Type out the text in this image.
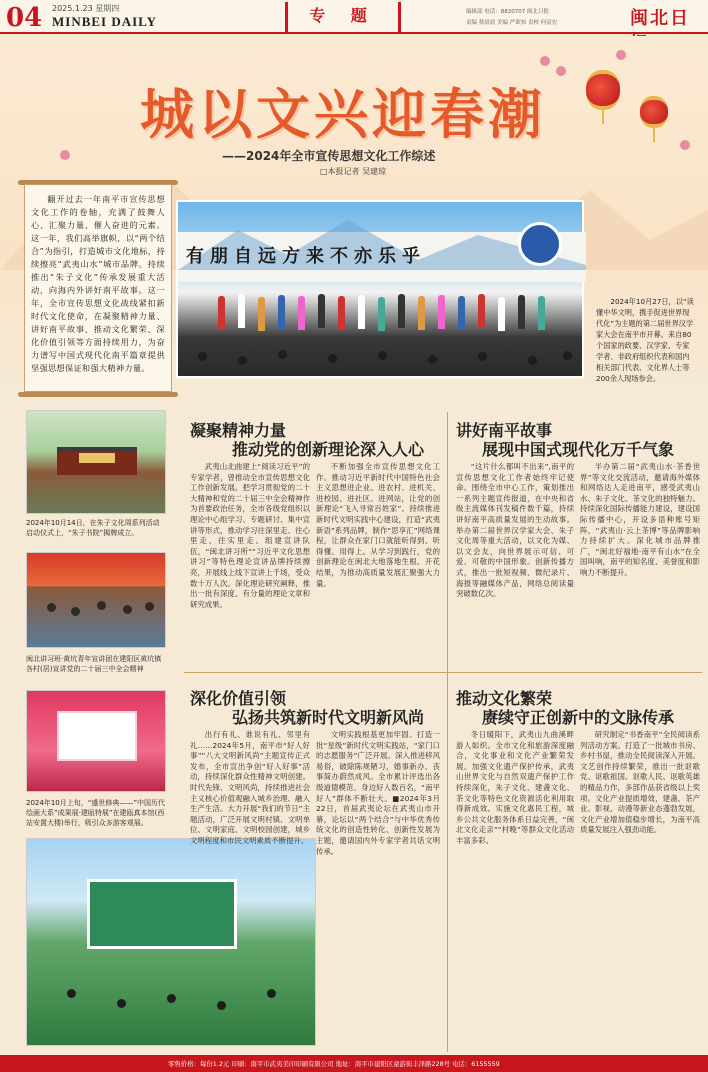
04 2025.1.23 星期四
MINBEI DAILY	专 题	编辑部 电话：8820707 闽北日报
责编 蔡晨晨 美编 严欲知 责校 何富宏	闽北日
城以文兴迎春潮
——2024年全市宣传思想文化工作综述
□本报记者 吴建琼
翻开过去一年南平市宣传思想文化工作的卷轴，充满了鼓舞人心、汇聚力量、催人奋进的元素。这一年，我们高举旗帜，以“两个结合”为指引，打造城市文化地标，持续擦亮“武夷山水”城市品牌。持续推出“朱子文化”传承发展重大活动，向海内外讲好南平故事。这一年，全市宣传思想文化战线紧扣新时代文化使命，在凝聚精神力量、讲好南平故事、推动文化繁荣、深化价值引领等方面持续用力，为奋力谱写中国式现代化南平篇章提供坚强思想保证和强大精神力量。
有朋自远方来不亦乐乎
2024年10月27日，以“读懂中华文明，携手促进世界现代化”为主题的第二届世界汉学家大会在南平市开幕。来自80个国家的政要、汉学家、专家学者、非政府组织代表和国内相关部门代表、文化界人士等200余人现场参会。
2024年10月14日，在朱子文化周系列活动启动仪式上，“朱子书院”揭牌成立。
闽北讲习班·黄坑青年宣讲团在建阳区黄坑镇各村(居)宣讲党的二十届三中全会精神
2024年10月上旬，“盛世修典——”中国历代绘画大系”成果展·建瓯特展”在建瓯真本馆(西站安置大楼)举行，吸引众多游客观展。
凝聚精神力量
推动党的创新理论深入人心
武夷山北曲建上“阅读习近平”的专家学者，曾推动全市宣传思想文化工作创新发展。把学习贯彻党的二十大精神和党的二十届三中全会精神作为首要政治任务，全市各级党组织以理论中心组学习、专题研讨、集中宣讲等形式，推动学习往深里走、往心里走、往实里走。组建宣讲队伍，“闽北讲习所”“习近平文化思想讲习”等特色理论宣讲品牌持续擦亮，开展线上线下宣讲上千场，受众数十万人次。深化理论研究阐释，推出一批有深度、有分量的理论文章和研究成果。
不断加强全市宣传思想文化工作。推动习近平新时代中国特色社会主义思想进企业、进农村、进机关、进校园、进社区、进网站，让党的创新理论“飞入寻常百姓家”。持续推进新时代文明实践中心建设，打造“武夷新语”系列品牌，制作“思享汇”网络课程，让群众在家门口就能听得到、听得懂、用得上。从学习到践行，党的创新理论在闽北大地落地生根、开花结果，为推动高质量发展汇聚强大力量。
讲好南平故事
展现中国式现代化万千气象
“这片什么都叫不出来”,南平的宣传思想文化工作者始终牢记使命。围绕全市中心工作，策划推出一系列主题宣传报道，在中央和省级主流媒体刊发稿件数千篇，持续讲好南平高质量发展的生动故事。举办第二届世界汉学家大会、朱子文化周等重大活动，以文化为媒、以文会友，向世界展示可信、可爱、可敬的中国形象。创新传播方式，推出一批短视频、微纪录片、海报等融媒体产品，网络总阅读量突破数亿次。
半办第二届“武夷山水·茶香世界”等文化交流活动，邀请海外媒体和网络达人走进南平，感受武夷山水、朱子文化、茶文化的独特魅力。持续深化国际传播能力建设，建设国际传播中心，开设多语种账号矩阵，“武夷山·云上茶博”等品牌影响力持续扩大。深化城市品牌推广，“闽北好福地·南平有山水”在全国叫响，南平的知名度、美誉度和影响力不断提升。
深化价值引领
弘扬共筑新时代文明新风尚
出行有礼、谁说有礼、邻里有礼……2024年5月，南平市“好人好事”“八大文明新风尚”主题宣传正式发布，全市宣出争创“好人好事”活动，持续深化群众性精神文明创建。时代先锋、文明风尚，持续推进社会主义核心价值观融入城乡治理、融入生产生活。大力开展“我们的节日”主题活动，广泛开展文明村镇、文明单位、文明家庭、文明校园创建，城乡文明程度和市民文明素质不断提升。
文明实践根基更加牢固。打造一批“星级”新时代文明实践站，“家门口的志愿服务”广泛开展。深入推进移风易俗，破除陈规陋习，婚事新办、丧事简办蔚然成风。全市累计评选出各级道德模范、身边好人数百名，“南平好人”群体不断壮大。■2024年3月22日，首届武夷论坛在武夷山市开幕，论坛以“两个结合”与中华优秀传统文化的创造性转化、创新性发展为主题，邀请国内外专家学者共话文明传承。
推动文化繁荣
赓续守正创新中的文脉传承
冬日暖阳下，武夷山九曲溪畔游人如织。全市文化和旅游深度融合，文化事业和文化产业繁荣发展。加强文化遗产保护传承，武夷山世界文化与自然双遗产保护工作持续深化，朱子文化、建盏文化、茶文化等特色文化资源活化利用取得新成效。实施文化惠民工程，城乡公共文化服务体系日益完善，“闽北文化走亲”“村晚”等群众文化活动丰富多彩。
研究制定“书香南平”全民阅读系列活动方案。打造了一批城市书房、乡村书屋，推动全民阅读深入开展。文艺创作持续繁荣，推出一批讴歌党、讴歌祖国、讴歌人民、讴歌英雄的精品力作，多部作品获省级以上奖项。文化产业提质增效，建盏、茶产业、影视、动漫等新业态蓬勃发展，文化产业增加值稳步增长，为南平高质量发展注入强劲动能。
零售价格：每份1.2元 印刷：南平市武夷美印印刷有限公司 地址：南平市建阳区童游街丰泽路228号 电话：6155559
